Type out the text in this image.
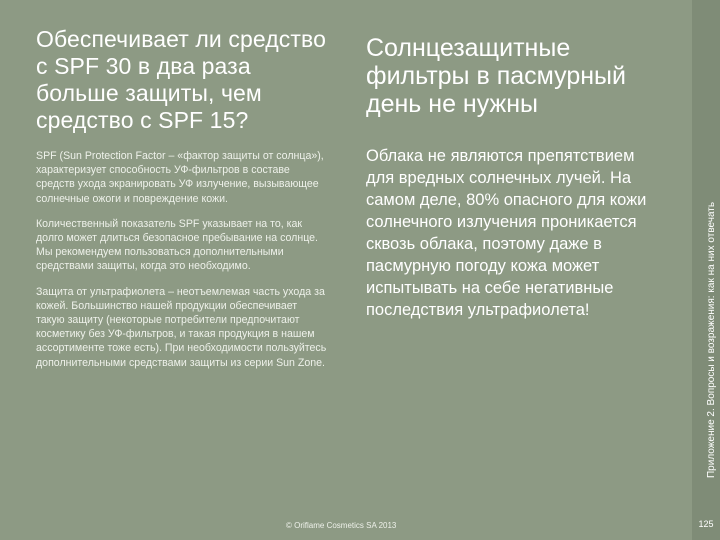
Обеспечивает ли средство с SPF 30 в два раза больше защиты, чем средство с SPF 15?

SPF (Sun Protection Factor – «фактор защиты от солнца»), характеризует способность УФ-фильтров в составе средств ухода экранировать УФ излучение, вызывающее солнечные ожоги и повреждение кожи.

Количественный показатель SPF указывает на то, как долго может длиться безопасное пребывание на солнце. Мы рекомендуем пользоваться дополнительными средствами защиты, когда это необходимо.

Защита от ультрафиолета – неотъемлемая часть ухода за кожей. Большинство нашей продукции обеспечивает такую защиту (некоторые потребители предпочитают косметику без УФ-фильтров, и такая продукция в нашем ассортименте тоже есть). При необходимости пользуйтесь дополнительными средствами защиты из серии Sun Zone.

Солнцезащитные фильтры в пасмурный день не нужны

Облака не являются препятствием для вредных солнечных лучей. На самом деле, 80% опасного для кожи солнечного излучения проникается сквозь облака, поэтому даже в пасмурную погоду кожа может испытывать на себе негативные последствия ультрафиолета!	Приложение 2. Вопросы и возражения: как на них отвечать
125
© Oriflame Cosmetics SA 2013
